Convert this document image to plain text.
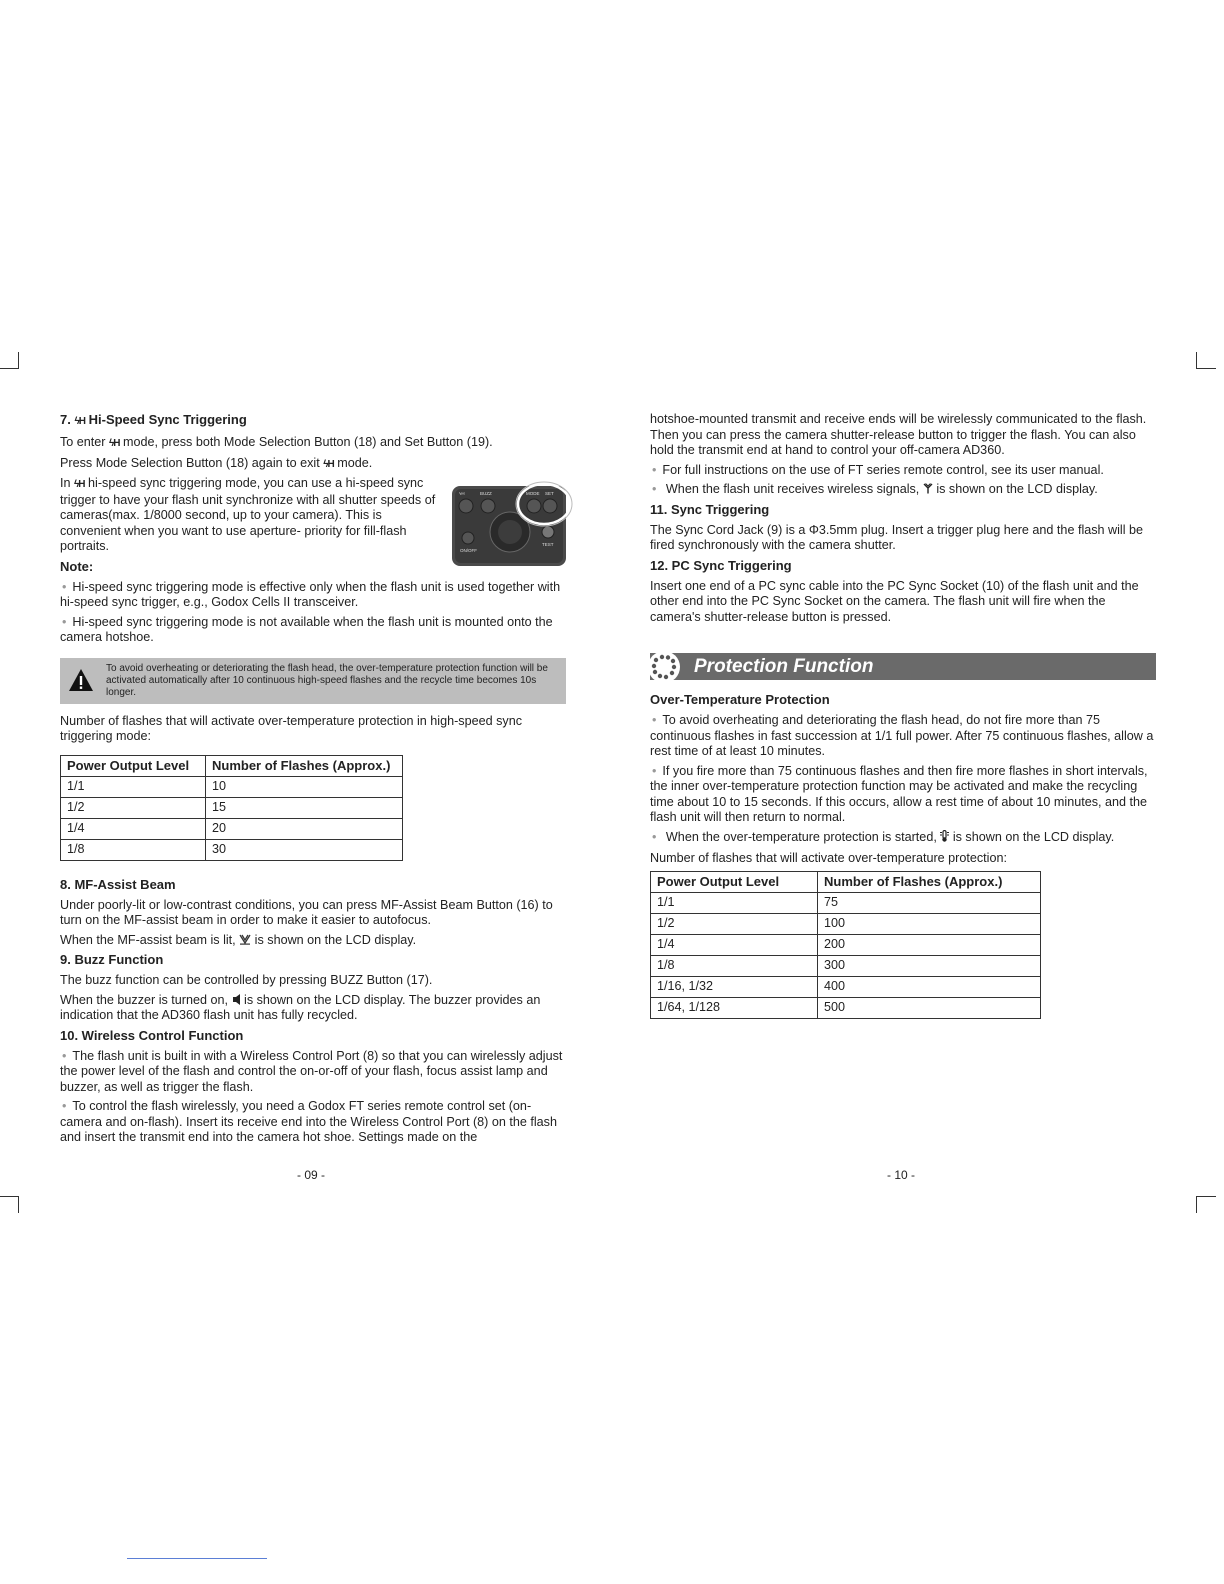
7. ϟH Hi-Speed Sync Triggering

To enter ϟH mode, press both Mode Selection Button (18) and Set Button (19).

Press Mode Selection Button (18) again to exit ϟH mode.

In ϟH
ϟH	BUZZ	MODE SET
ON/OFF
TEST
hi-speed sync triggering mode, you can use a hi-speed sync trigger to have your flash unit synchronize with all shutter speeds of cameras(max. 1/8000 second, up to your camera). This is convenient when you want to use aperture- priority for fill-flash portraits.

Note:

• Hi-speed sync triggering mode is effective only when the flash unit is used together with hi-speed sync trigger, e.g., Godox Cells II transceiver.

• Hi-speed sync triggering mode is not available when the flash unit is mounted onto the camera hotshoe.

To avoid overheating or deteriorating the flash head, the over-temperature protection function will be activated automatically after 10 continuous high-speed flashes and the recycle time becomes 10s longer.

Number of flashes that will activate over-temperature protection in high-speed sync triggering mode:

Power Output Level	Number of Flashes (Approx.)
1/1	10
1/2	15
1/4	20
1/8	30
8. MF-Assist Beam

Under poorly-lit or low-contrast conditions, you can press MF-Assist Beam Button (16) to turn on the MF-assist beam in order to make it easier to autofocus.

When the MF-assist beam is lit, is shown on the LCD display.

9. Buzz Function

The buzz function can be controlled by pressing BUZZ Button (17).

When the buzzer is turned on, is shown on the LCD display. The buzzer provides an indication that the AD360 flash unit has fully recycled.

10. Wireless Control Function

• The flash unit is built in with a Wireless Control Port (8) so that you can wirelessly adjust the power level of the flash and control the on-or-off of your flash, focus assist lamp and buzzer, as well as trigger the flash.

• To control the flash wirelessly, you need a Godox FT series remote control set (on-camera and on-flash). Insert its receive end into the Wireless Control Port (8) on the flash and insert the transmit end into the camera hot shoe. Settings made on the

hotshoe-mounted transmit and receive ends will be wirelessly communicated to the flash. Then you can press the camera shutter-release button to trigger the flash. You can also hold the transmit end at hand to control your off-camera AD360.

• For full instructions on the use of FT series remote control, see its user manual.

• When the flash unit receives wireless signals, is shown on the LCD display.

11. Sync Triggering

The Sync Cord Jack (9) is a Φ3.5mm plug. Insert a trigger plug here and the flash will be fired synchronously with the camera shutter.

12. PC Sync Triggering

Insert one end of a PC sync cable into the PC Sync Socket (10) of the flash unit and the other end into the PC Sync Socket on the camera. The flash unit will fire when the camera's shutter-release button is pressed.

Protection Function
Over-Temperature Protection

• To avoid overheating and deteriorating the flash head, do not fire more than 75 continuous flashes in fast succession at 1/1 full power. After 75 continuous flashes, allow a rest time of at least 10 minutes.

• If you fire more than 75 continuous flashes and then fire more flashes in short intervals, the inner over-temperature protection function may be activated and make the recycling time about 10 to 15 seconds. If this occurs, allow a rest time of about 10 minutes, and the flash unit will then return to normal.

• When the over-temperature protection is started, is shown on the LCD display.

Number of flashes that will activate over-temperature protection:

Power Output Level	Number of Flashes (Approx.)
1/1	75
1/2	100
1/4	200
1/8	300
1/16, 1/32	400
1/64, 1/128	500
- 09 -	- 10 -
